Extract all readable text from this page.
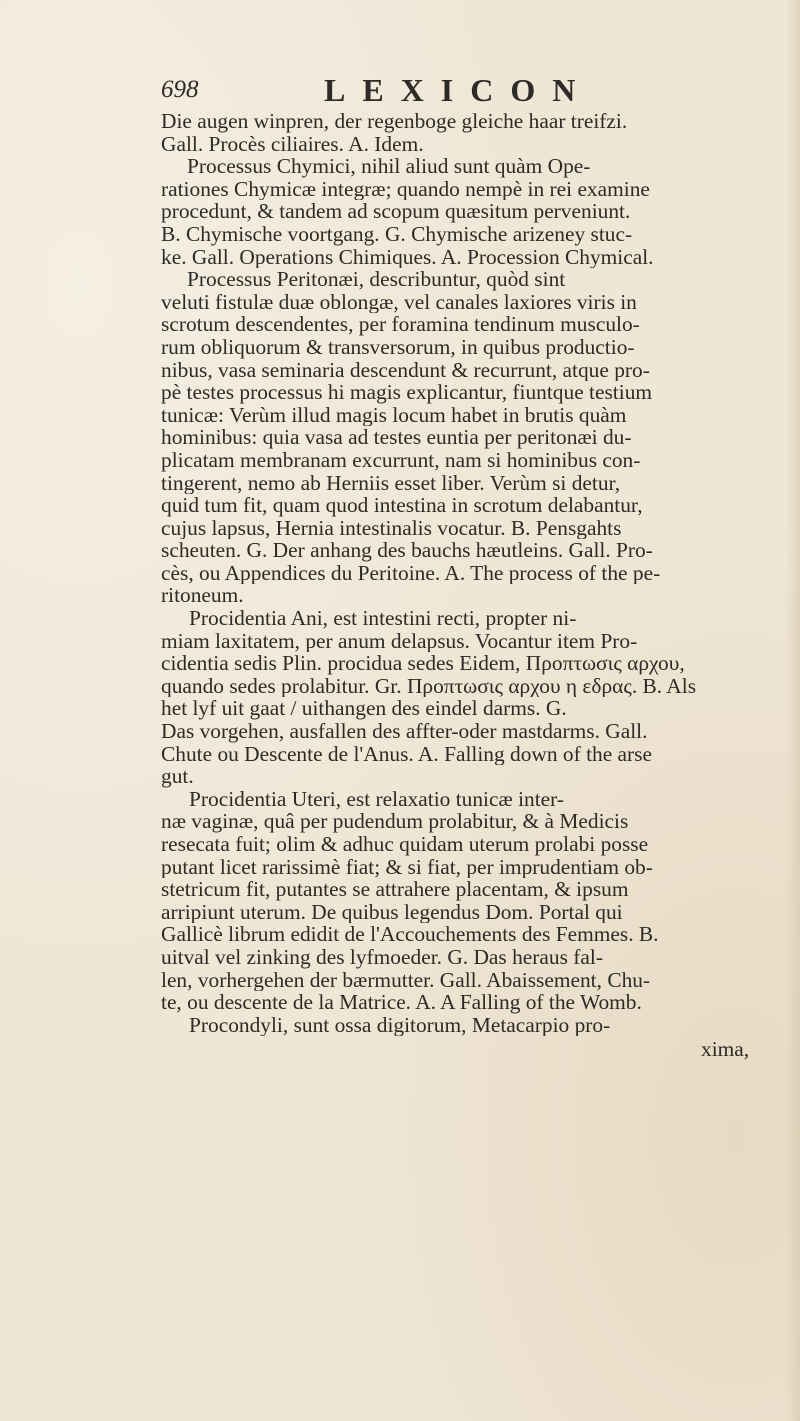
698	LEXICON
Die augen winpren, der regenboge gleiche haar treifzi.
Gall. Procès ciliaires. A. Idem.
Processus Chymici, nihil aliud sunt quàm Ope-
rationes Chymicæ integræ; quando nempè in rei examine
procedunt, & tandem ad scopum quæsitum perveniunt.
B. Chymische voortgang. G. Chymische arizeney stuc-
ke. Gall. Operations Chimiques. A. Procession Chymical.
Processus Peritonæi, describuntur, quòd sint
veluti fistulæ duæ oblongæ, vel canales laxiores viris in
scrotum descendentes, per foramina tendinum musculo-
rum obliquorum & transversorum, in quibus productio-
nibus, vasa seminaria descendunt & recurrunt, atque pro-
pè testes processus hi magis explicantur, fiuntque testium
tunicæ: Verùm illud magis locum habet in brutis quàm
hominibus: quia vasa ad testes euntia per peritonæi du-
plicatam membranam excurrunt, nam si hominibus con-
tingerent, nemo ab Herniis esset liber. Verùm si detur,
quid tum fit, quam quod intestina in scrotum delabantur,
cujus lapsus, Hernia intestinalis vocatur. B. Pensgahts
scheuten. G. Der anhang des bauchs hæutleins. Gall. Pro-
cès, ou Appendices du Peritoine. A. The process of the pe-
ritoneum.
Procidentia Ani, est intestini recti, propter ni-
miam laxitatem, per anum delapsus. Vocantur item Pro-
cidentia sedis Plin. procidua sedes Eidem, Προπτωσις αρχου,
quando sedes prolabitur. Gr. Προπτωσις αρχου η εδρας. B. Als
het lyf uit gaat / uithangen des eindel darms. G.
Das vorgehen, ausfallen des affter-oder mastdarms. Gall.
Chute ou Descente de l'Anus. A. Falling down of the arse
gut.
Procidentia Uteri, est relaxatio tunicæ inter-
næ vaginæ, quâ per pudendum prolabitur, & à Medicis
resecata fuit; olim & adhuc quidam uterum prolabi posse
putant licet rarissimè fiat; & si fiat, per imprudentiam ob-
stetricum fit, putantes se attrahere placentam, & ipsum
arripiunt uterum. De quibus legendus Dom. Portal qui
Gallicè librum edidit de l'Accouchements des Femmes. B.
uitval vel zinking des lyfmoeder. G. Das heraus fal-
len, vorhergehen der bærmutter. Gall. Abaissement, Chu-
te, ou descente de la Matrice. A. A Falling of the Womb.
Procondyli, sunt ossa digitorum, Metacarpio pro-
xima,
